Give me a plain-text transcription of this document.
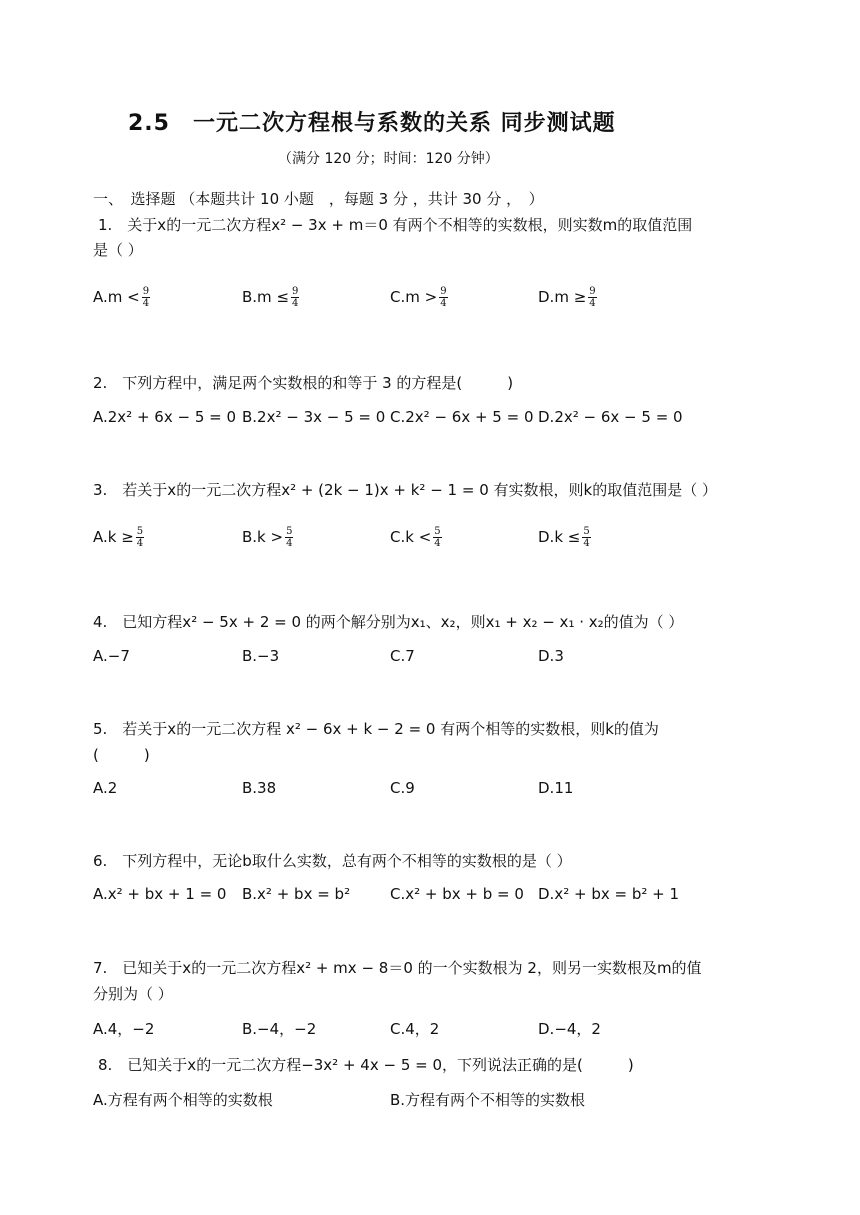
2.5　一元二次方程根与系数的关系 同步测试题
（满分 120 分；时间：120 分钟）
一、　选择题 （本题共计 10 小题　，每题 3 分 ，共计 30 分 ，　）
1.　关于x的一元二次方程x² − 3x + m＝0 有两个不相等的实数根，则实数m的取值范围
是（ ）
$A.m < \frac{9}{4}$	$B.m \le \frac{9}{4}$	$C.m > \frac{9}{4}$	$D.m \ge \frac{9}{4}$
2.　下列方程中，满足两个实数根的和等于 3 的方程是(　　　)
A.2x² + 6x − 5 = 0 B.2x² − 3x − 5 = 0 C.2x² − 6x + 5 = 0 D.2x² − 6x − 5 = 0
3.　若关于x的一元二次方程x² + (2k − 1)x + k² − 1 = 0 有实数根，则k的取值范围是（ ）
$A.k \ge \frac{5}{4}$	$B.k > \frac{5}{4}$	$C.k < \frac{5}{4}$	$D.k \le \frac{5}{4}$
4.　已知方程x² − 5x + 2 = 0 的两个解分别为x₁、x₂，则x₁ + x₂ − x₁ · x₂的值为（ ）
A.−7	B.−3	C.7	D.3
5.　若关于x的一元二次方程 x² − 6x + k − 2 = 0 有两个相等的实数根，则k的值为
(　　　)
A.2	B.38	C.9	D.11
6.　下列方程中，无论b取什么实数，总有两个不相等的实数根的是（ ）
A.x² + bx + 1 = 0 B.x² + bx = b²	C.x² + bx + b = 0 D.x² + bx = b² + 1
7.　已知关于x的一元二次方程x² + mx − 8＝0 的一个实数根为 2，则另一实数根及m的值
分别为（ ）
A.4，−2	B.−4，−2	C.4，2	D.−4，2
8.　已知关于x的一元二次方程−3x² + 4x − 5 = 0，下列说法正确的是(　　　)
A.方程有两个相等的实数根	B.方程有两个不相等的实数根
